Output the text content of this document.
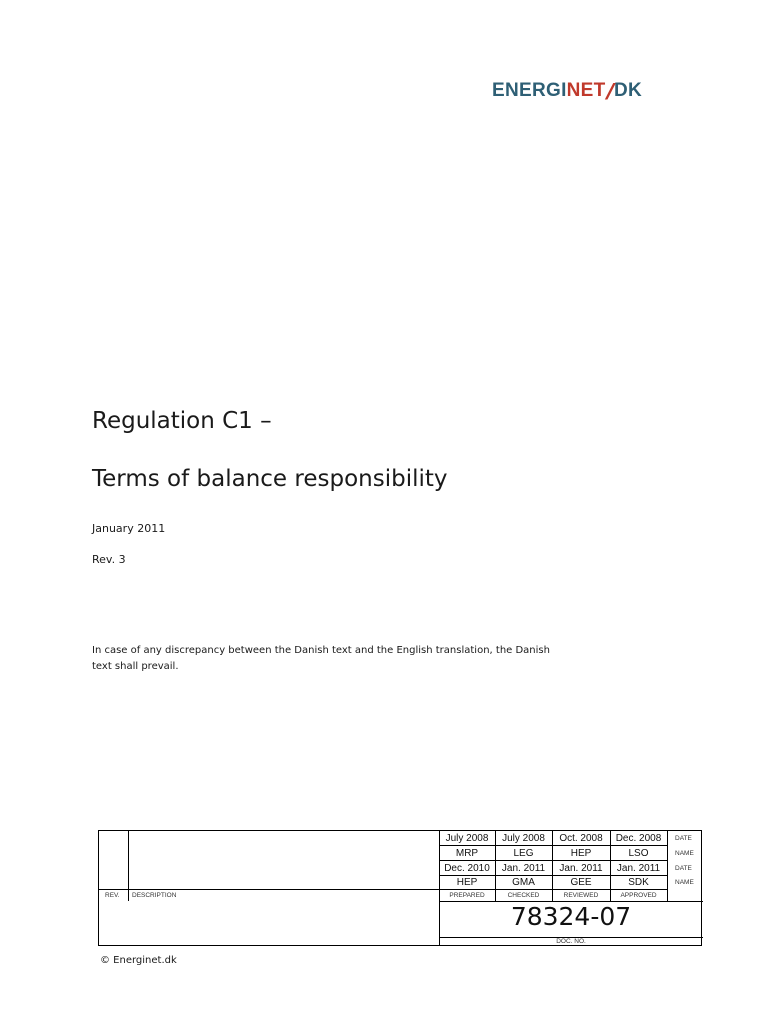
ENERGI NET
/
DK
Regulation C1 –
Terms of balance responsibility
January 2011
Rev. 3
In case of any discrepancy between the Danish text and the English translation, the Danish text shall prevail.
July 2008	July 2008	Oct. 2008	Dec. 2008	DATE
MRP	LEG	HEP	LSO	NAME
Dec. 2010	Jan. 2011	Jan. 2011	Jan. 2011	DATE
HEP	GMA	GEE	SDK	NAME
PREPARED	CHECKED	REVIEWED	APPROVED
REV. DESCRIPTION
78324-07
DOC. NO.
© Energinet.dk
